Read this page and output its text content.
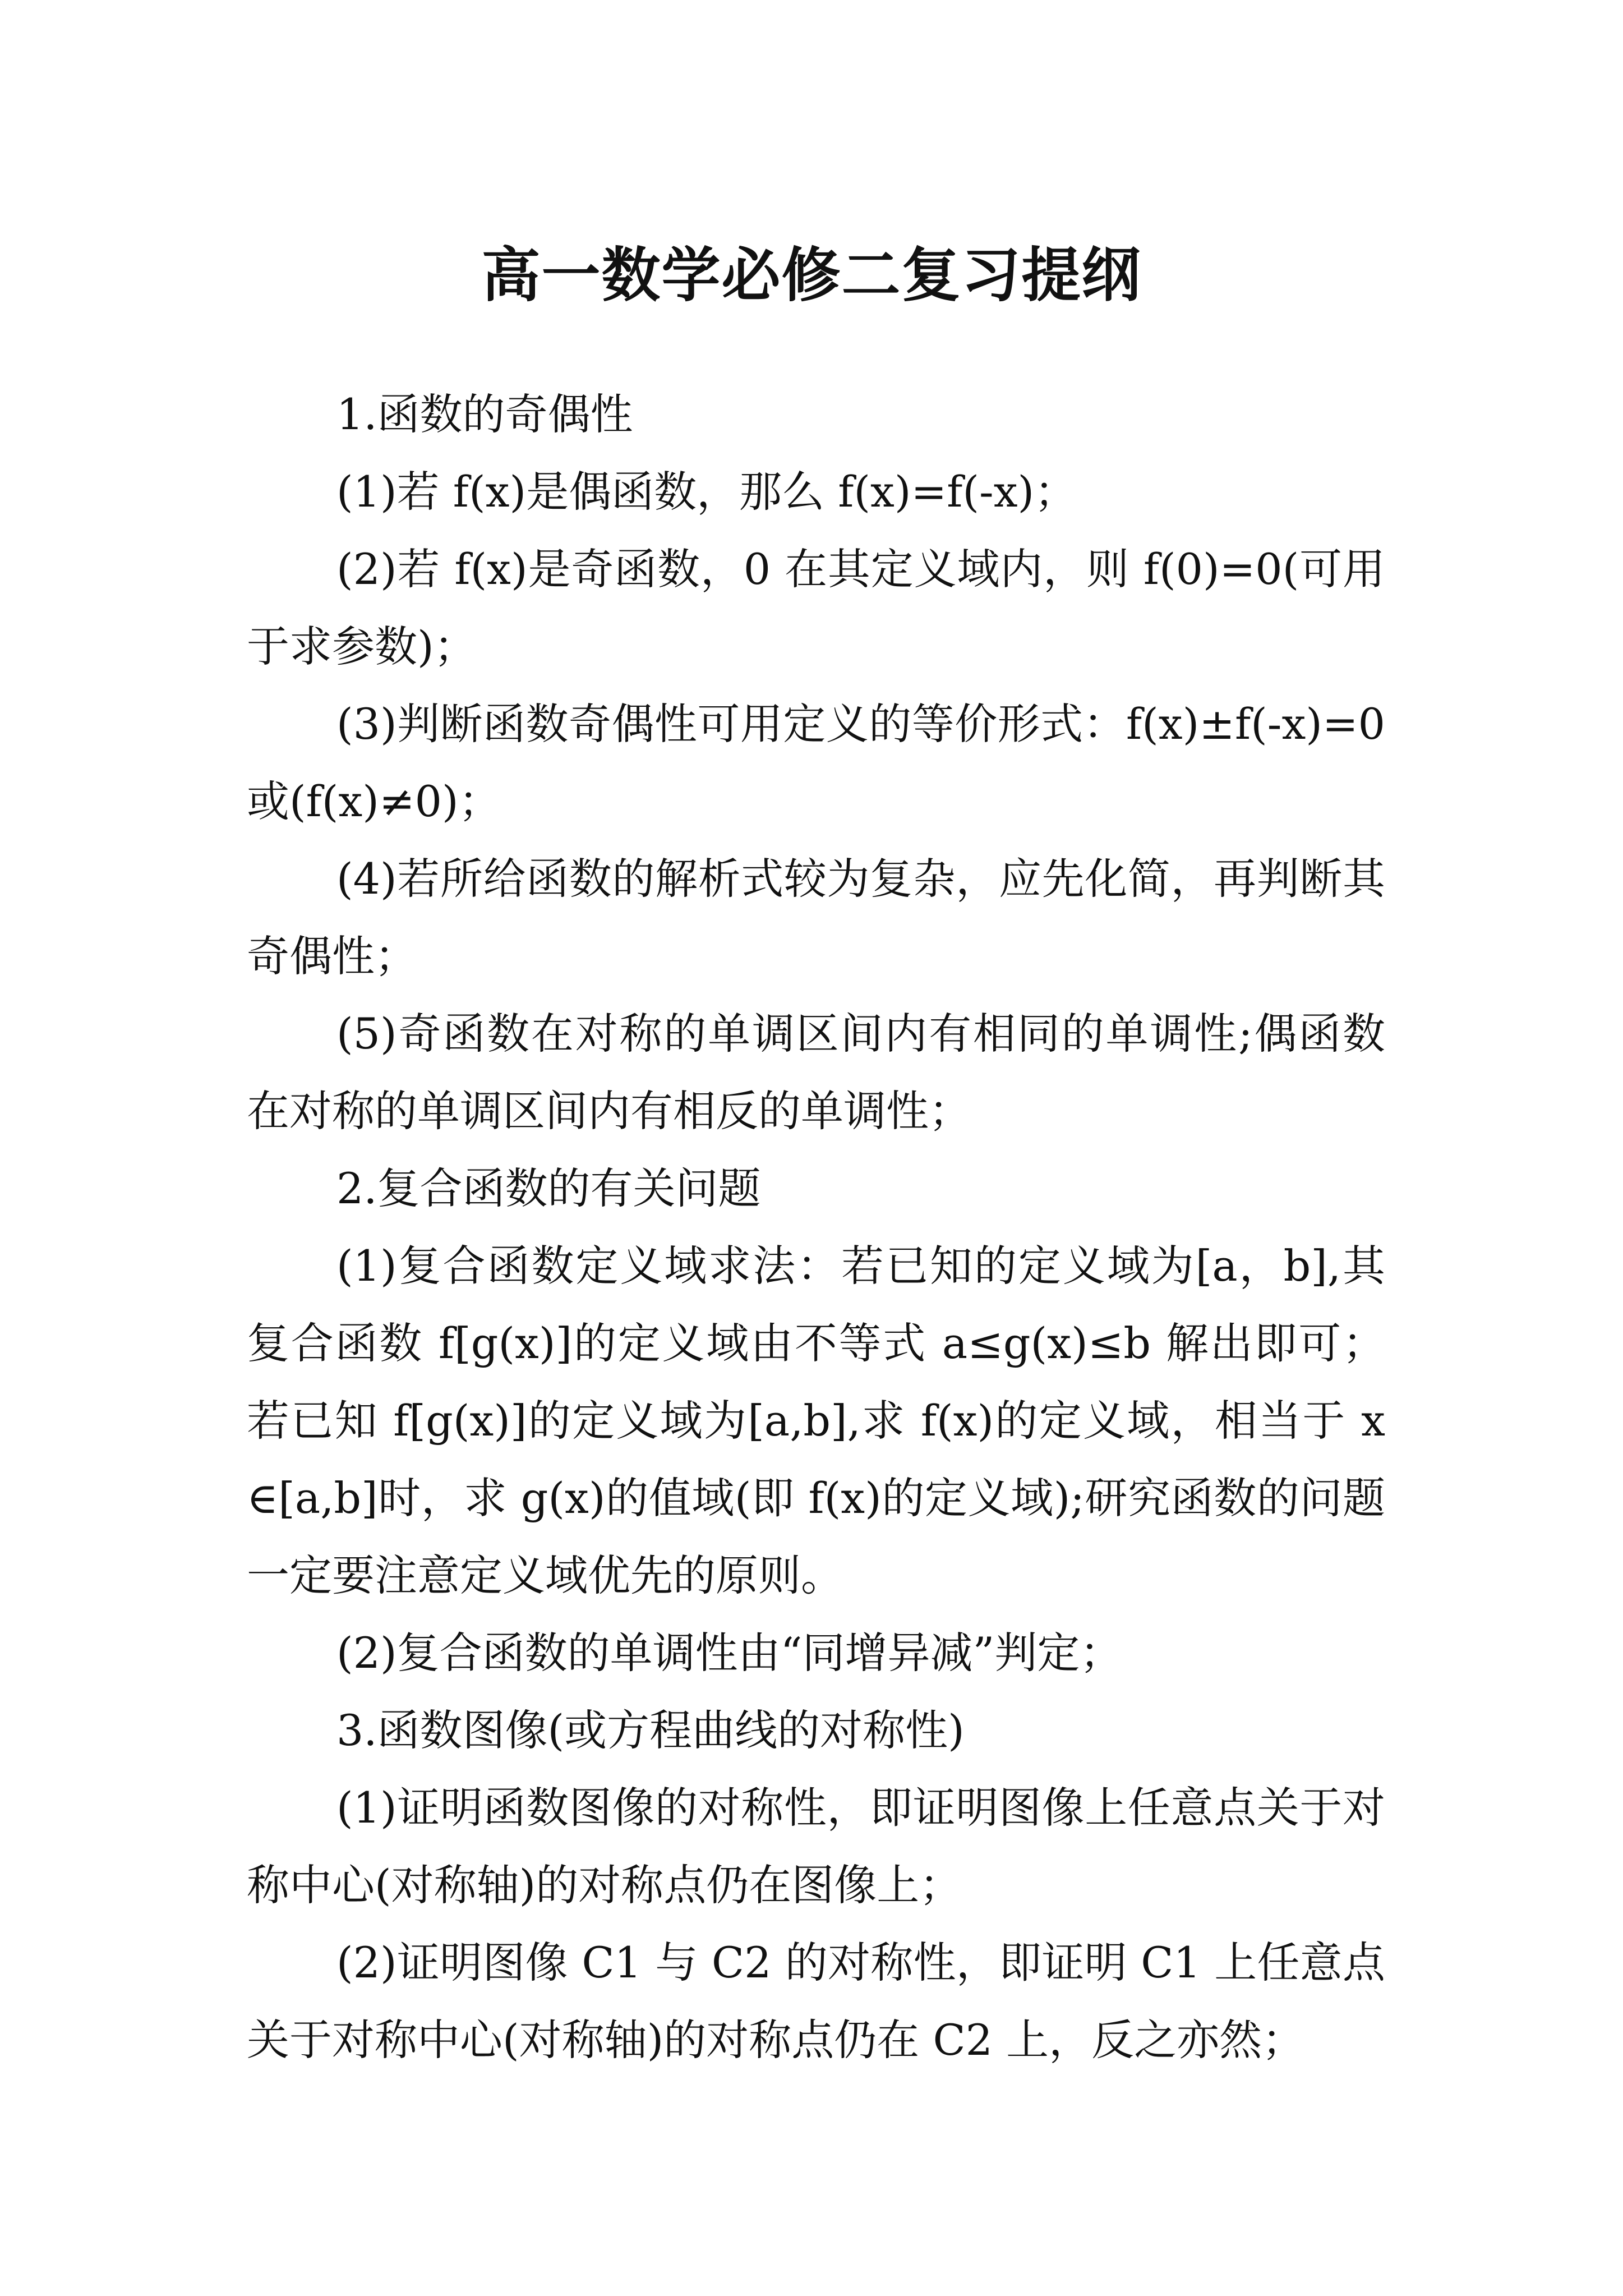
高一数学必修二复习提纲

1.函数的奇偶性

(1)若 f(x)是偶函数，那么 f(x)=f(-x)；

(2)若 f(x)是奇函数，0 在其定义域内，则 f(0)=0(可用于求参数)；

(3)判断函数奇偶性可用定义的等价形式：f(x)±f(-x)=0 或(f(x)≠0)；

(4)若所给函数的解析式较为复杂，应先化简，再判断其奇偶性；

(5)奇函数在对称的单调区间内有相同的单调性;偶函数在对称的单调区间内有相反的单调性；

2.复合函数的有关问题

(1)复合函数定义域求法：若已知的定义域为[a，b],其复合函数 f[g(x)]的定义域由不等式 a≤g(x)≤b 解出即可；若已知 f[g(x)]的定义域为[a,b],求 f(x)的定义域，相当于 x∈[a,b]时，求 g(x)的值域(即 f(x)的定义域);研究函数的问题一定要注意定义域优先的原则。

(2)复合函数的单调性由“同增异减”判定；

3.函数图像(或方程曲线的对称性)

(1)证明函数图像的对称性，即证明图像上任意点关于对称中心(对称轴)的对称点仍在图像上；

(2)证明图像 C1 与 C2 的对称性，即证明 C1 上任意点关于对称中心(对称轴)的对称点仍在 C2 上，反之亦然；
